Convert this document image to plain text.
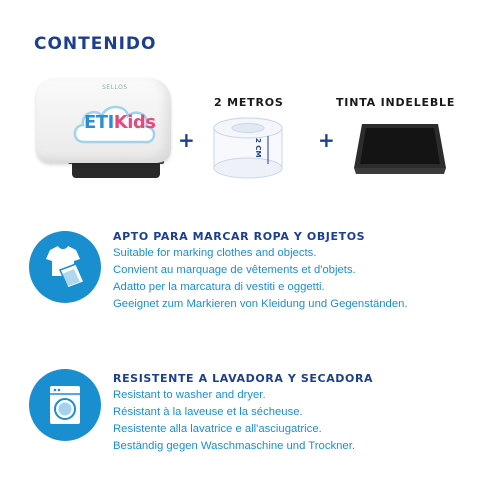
CONTENIDO
SELLOS
ETIKids
+
2 METROS
2 CM	+
TINTA INDELEBLE
APTO PARA MARCAR ROPA Y OBJETOS
Suitable for marking clothes and objects.
Convient au marquage de vêtements et d'objets.
Adatto per la marcatura di vestiti e oggetti.
Geeignet zum Markieren von Kleidung und Gegenständen.
RESISTENTE A LAVADORA Y SECADORA
Resistant to washer and dryer.
Résistant à la laveuse et la sécheuse.
Resistente alla lavatrice e all'asciugatrice.
Beständig gegen Waschmaschine und Trockner.
